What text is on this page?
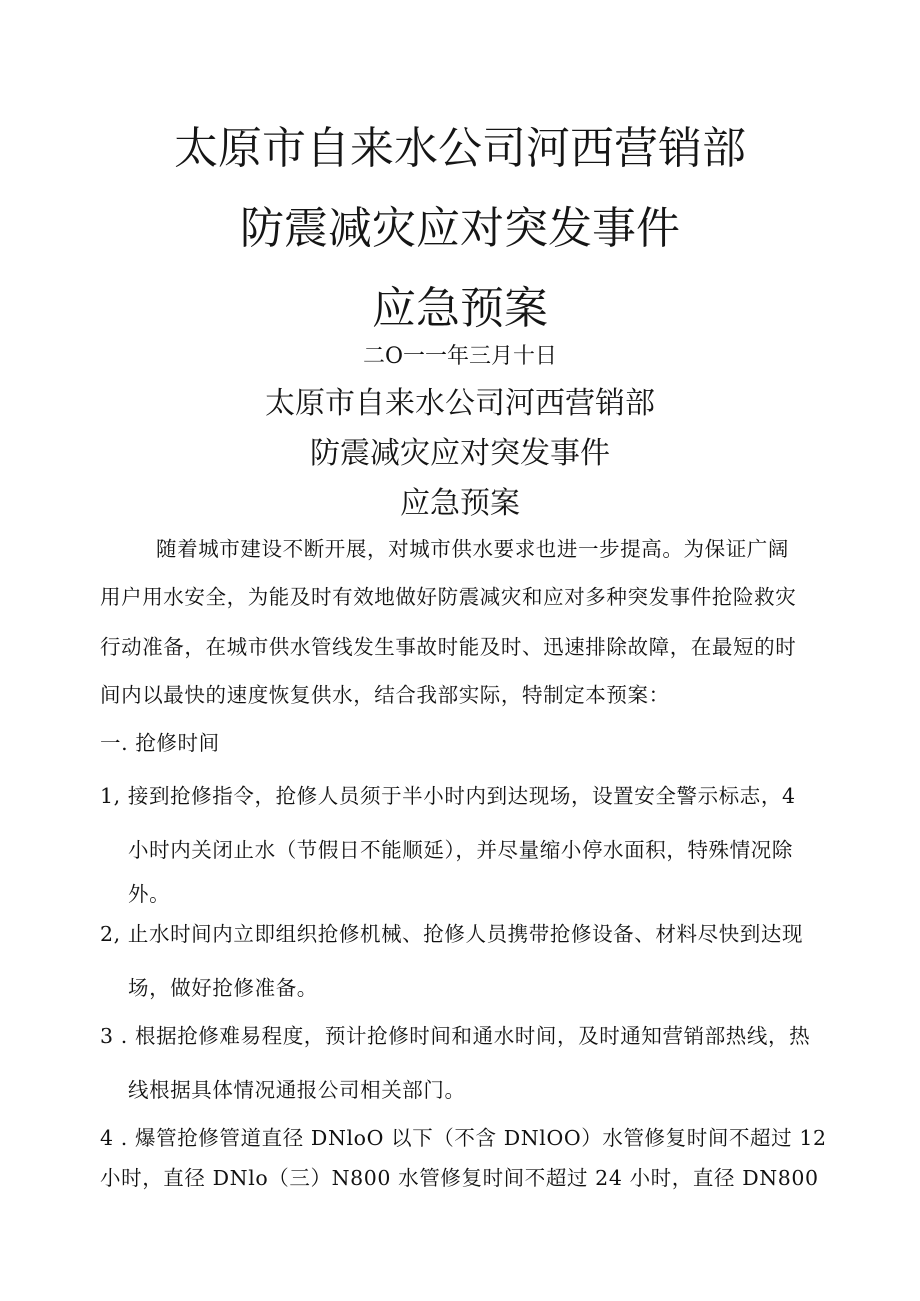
太原市自来水公司河西营销部
防震减灾应对突发事件
应急预案
二O一一年三月十日
太原市自来水公司河西营销部
防震减灾应对突发事件
应急预案
随着城市建设不断开展，对城市供水要求也进一步提高。为保证广阔
用户用水安全，为能及时有效地做好防震减灾和应对多种突发事件抢险救灾
行动准备，在城市供水管线发生事故时能及时、迅速排除故障，在最短的时
间内以最快的速度恢复供水，结合我部实际，特制定本预案：
一. 抢修时间
1, 接到抢修指令，抢修人员须于半小时内到达现场，设置安全警示标志，4
小时内关闭止水（节假日不能顺延），并尽量缩小停水面积，特殊情况除
外。
2, 止水时间内立即组织抢修机械、抢修人员携带抢修设备、材料尽快到达现
场，做好抢修准备。
3 . 根据抢修难易程度，预计抢修时间和通水时间，及时通知营销部热线，热
线根据具体情况通报公司相关部门。
4 . 爆管抢修管道直径 DNloO 以下（不含 DNlOO）水管修复时间不超过 12
小时，直径 DNlo（三）N800 水管修复时间不超过 24 小时，直径 DN800
